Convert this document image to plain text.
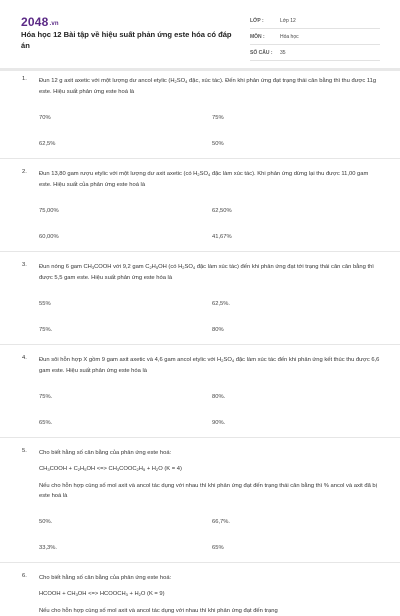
2048.vn
Hóa học 12 Bài tập về hiệu suất phản ứng este hóa có đáp án
LỚP :	Lớp 12
MÔN :	Hóa học
SỐ CÂU :	35
1. Đun 12 g axit axetic với một lượng dư ancol etylic ($H_2SO_4$ đặc, xúc tác). Đến khi phản ứng đạt trạng thái cân bằng thì thu được 11g este. Hiệu suất phản ứng este hoá là

70%	75%
62,5%	50%
2. Đun 13,80 gam rượu etylic với một lượng dư axit axetic (có $H_2SO_4$ đặc làm xúc tác). Khi phản ứng dừng lại thu được 11,00 gam este. Hiệu suất của phản ứng este hoá là

75,00%	62,50%
60,00%	41,67%
3. Đun nóng 6 gam $CH_3COOH$ với 9,2 gam $C_2H_5OH$ (có $H_2SO_4$ đặc làm xúc tác) đến khi phản ứng đạt tới trạng thái cân cân bằng thì được 5,5 gam este. Hiệu suất phản ứng este hóa là

55%	62,5%.
75%.	80%
4. Đun sôi hỗn hợp X gồm 9 gam axit axetic và 4,6 gam ancol etylic với $H_2SO_4$ đặc làm xúc tác đến khi phản ứng kết thúc thu được 6,6 gam este. Hiệu suất phản ứng este hóa là

75%.	80%.
65%.	90%.
5. Cho biết hằng số cân bằng của phản ứng este hoá:

$CH_3COOH + C_2H_5OH$ <=> $CH_3COOC_2H_5 + H_2O$ (K = 4)

Nếu cho hỗn hợp cùng số mol axit và ancol tác dụng với nhau thì khi phản ứng đạt đến trạng thái cân bằng thì % ancol và axit đã bị este hoá là

50%.	66,7%.
33,3%.	65%
6. Cho biết hằng số cân bằng của phản ứng este hoá:

HCOOH + $CH_3OH$ <=> $HCOOCH_3 + H_2O$ (K = 9)

Nếu cho hỗn hợp cùng số mol axit và ancol tác dụng với nhau thì khi phản ứng đạt đến trạng
